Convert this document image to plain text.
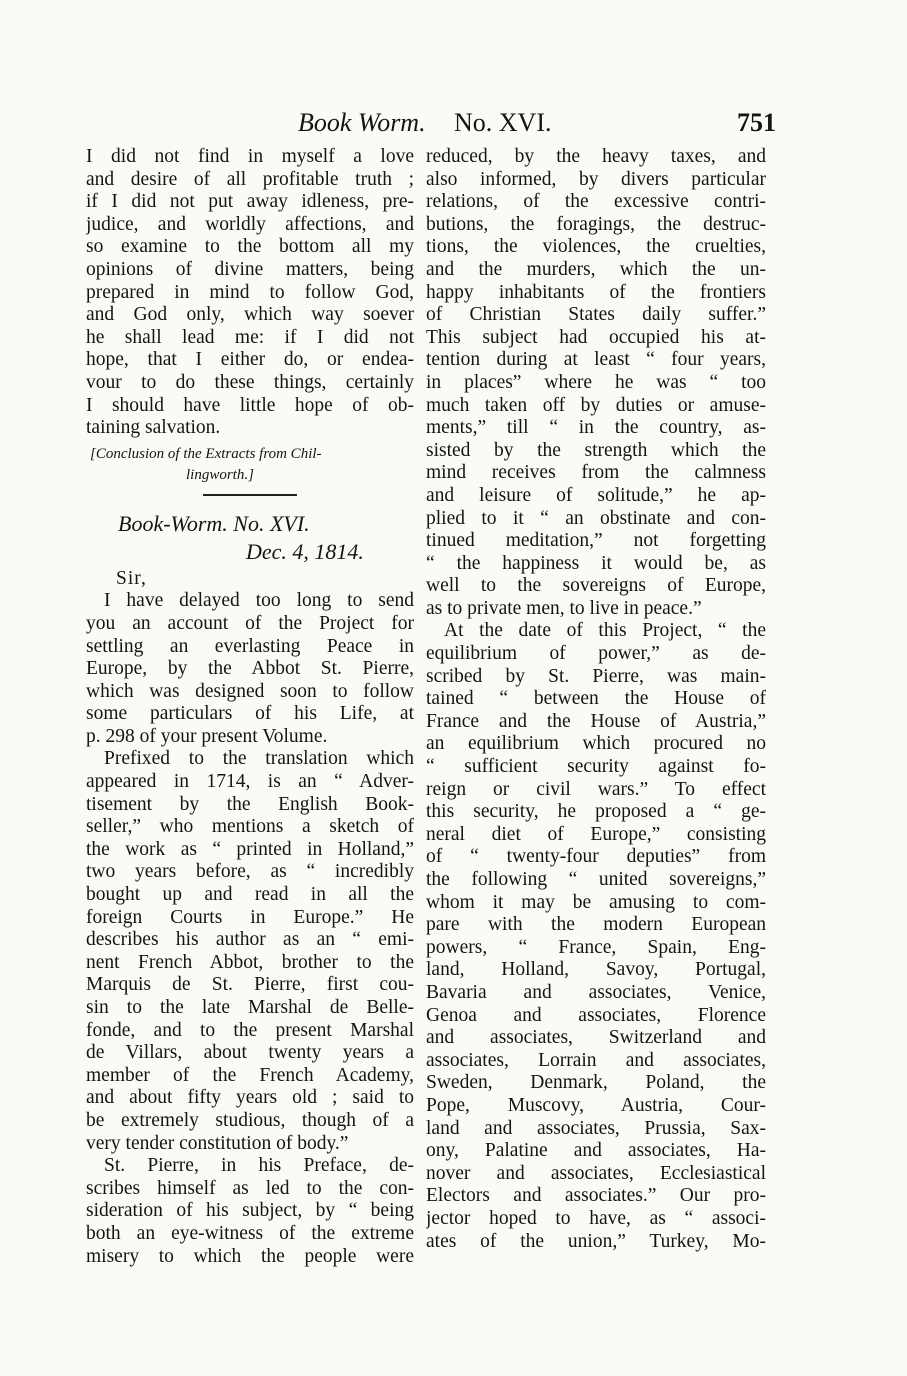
Book Worm. No. XVI.	751
I did not find in myself a love
and desire of all profitable truth ;
if I did not put away idleness, pre-
judice, and worldly affections, and
so examine to the bottom all my
opinions of divine matters, being
prepared in mind to follow God,
and God only, which way soever
he shall lead me: if I did not
hope, that I either do, or endea-
vour to do these things, certainly
I should have little hope of ob-
taining salvation.
[Conclusion of the Extracts from Chil-
lingworth.]
Book-Worm. No. XVI.
Dec. 4, 1814.
Sir,
I have delayed too long to send
you an account of the Project for
settling an everlasting Peace in
Europe, by the Abbot St. Pierre,
which was designed soon to follow
some particulars of his Life, at
p. 298 of your present Volume.
Prefixed to the translation which
appeared in 1714, is an “ Adver-
tisement by the English Book-
seller,” who mentions a sketch of
the work as “ printed in Holland,”
two years before, as “ incredibly
bought up and read in all the
foreign Courts in Europe.” He
describes his author as an “ emi-
nent French Abbot, brother to the
Marquis de St. Pierre, first cou-
sin to the late Marshal de Belle-
fonde, and to the present Marshal
de Villars, about twenty years a
member of the French Academy,
and about fifty years old ; said to
be extremely studious, though of a
very tender constitution of body.”
St. Pierre, in his Preface, de-
scribes himself as led to the con-
sideration of his subject, by “ being
both an eye-witness of the extreme
misery to which the people were
reduced, by the heavy taxes, and
also informed, by divers particular
relations, of the excessive contri-
butions, the foragings, the destruc-
tions, the violences, the cruelties,
and the murders, which the un-
happy inhabitants of the frontiers
of Christian States daily suffer.”
This subject had occupied his at-
tention during at least “ four years,
in places” where he was “ too
much taken off by duties or amuse-
ments,” till “ in the country, as-
sisted by the strength which the
mind receives from the calmness
and leisure of solitude,” he ap-
plied to it “ an obstinate and con-
tinued meditation,” not forgetting
“ the happiness it would be, as
well to the sovereigns of Europe,
as to private men, to live in peace.”
At the date of this Project, “ the
equilibrium of power,” as de-
scribed by St. Pierre, was main-
tained “ between the House of
France and the House of Austria,”
an equilibrium which procured no
“ sufficient security against fo-
reign or civil wars.” To effect
this security, he proposed a “ ge-
neral diet of Europe,” consisting
of “ twenty-four deputies” from
the following “ united sovereigns,”
whom it may be amusing to com-
pare with the modern European
powers, “ France, Spain, Eng-
land, Holland, Savoy, Portugal,
Bavaria and associates, Venice,
Genoa and associates, Florence
and associates, Switzerland and
associates, Lorrain and associates,
Sweden, Denmark, Poland, the
Pope, Muscovy, Austria, Cour-
land and associates, Prussia, Sax-
ony, Palatine and associates, Ha-
nover and associates, Ecclesiastical
Electors and associates.” Our pro-
jector hoped to have, as “ associ-
ates of the union,” Turkey, Mo-
